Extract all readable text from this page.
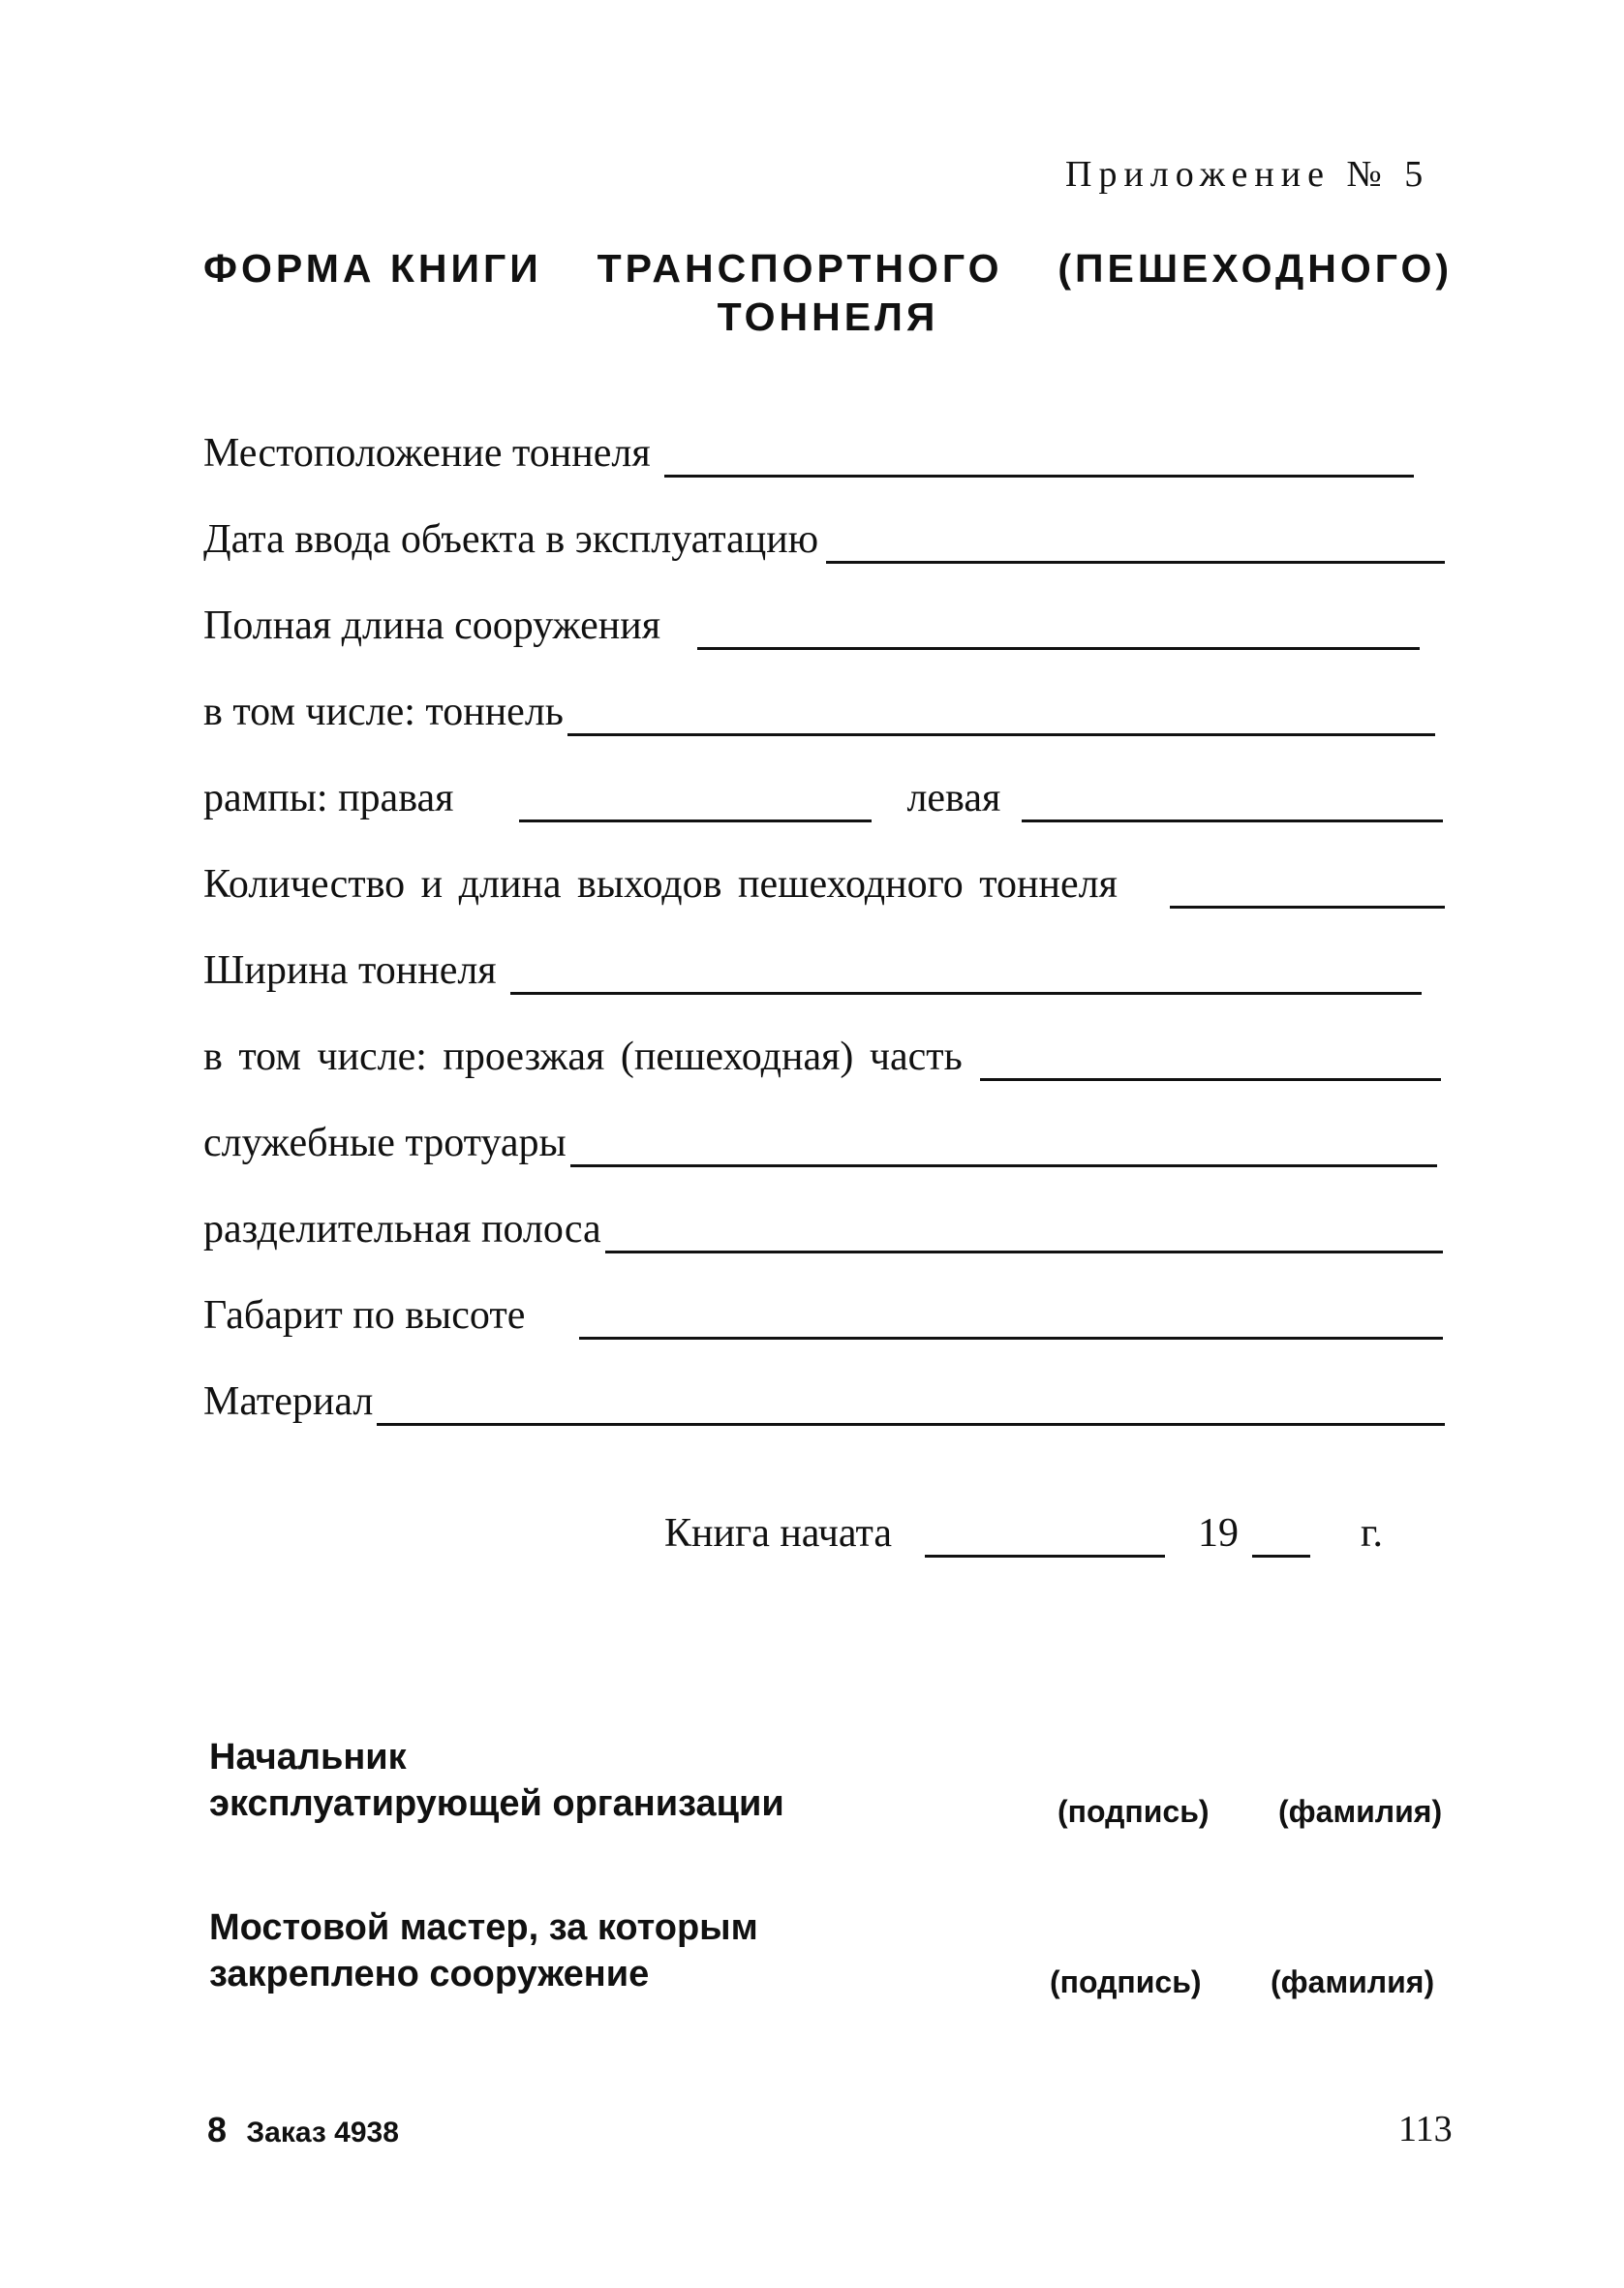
Приложение № 5
ФОРМА КНИГИ ТРАНСПОРТНОГО (ПЕШЕХОДНОГО)
ТОННЕЛЯ
Местоположение тоннеля
Дата ввода объекта в эксплуатацию
Полная длина сооружения
в том числе: тоннель
рампы: правая	левая
Количество и длина выходов пешеходного тоннеля
Ширина тоннеля
в том числе: проезжая (пешеходная) часть
служебные тротуары
разделительная полоса
Габарит по высоте
Материал
Книга начата	19	г.
Начальник
эксплуатирующей организации	(подпись) (фамилия)
Мостовой мастер, за которым
закреплено сооружение	(подпись) (фамилия)
8 Заказ 4938	113
